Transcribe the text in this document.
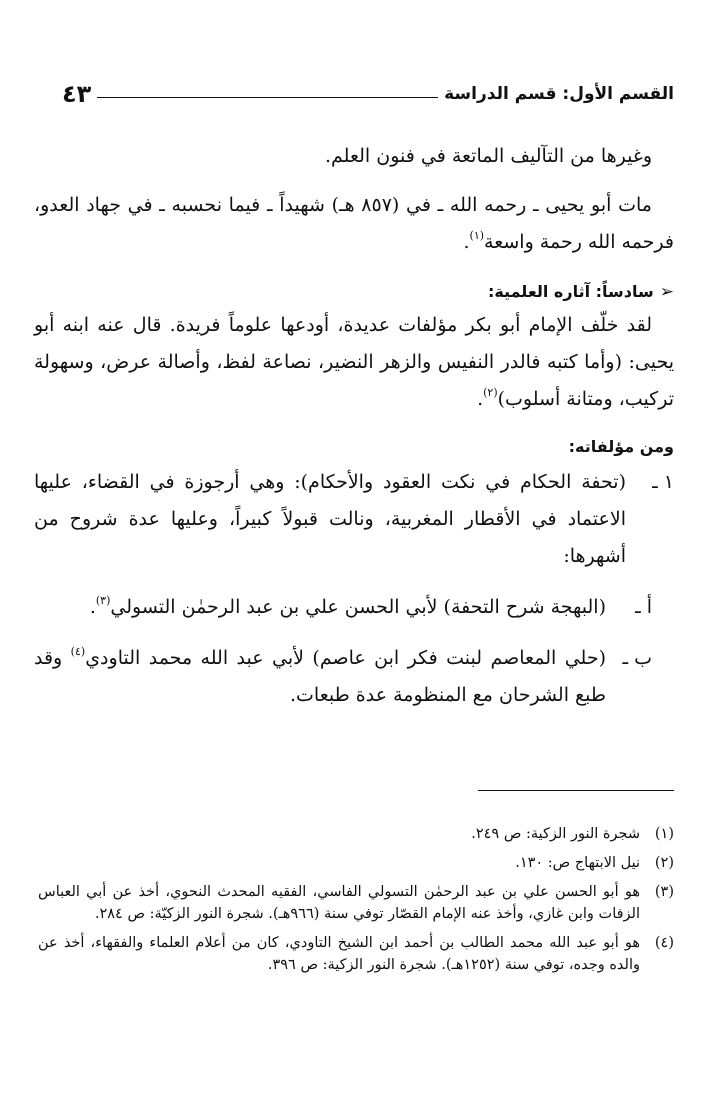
القسم الأول: قسم الدراسة
٤٣

وغيرها من التآليف الماتعة في فنون العلم.

مات أبو يحيى ـ رحمه الله ـ في (٨٥٧ هـ) شهيداً ـ فيما نحسبه ـ في جهاد العدو، فرحمه الله رحمة واسعة$^{(١)}$.

➢
سادساً: آثاره العلمية:

لقد خلّف الإمام أبو بكر مؤلفات عديدة، أودعها علوماً فريدة. قال عنه ابنه أبو يحيى: (وأما كتبه فالدر النفيس والزهر النضير، نصاعة لفظ، وأصالة عرض، وسهولة تركيب، ومتانة أسلوب)$^{(٢)}$.

ومن مؤلفاته:
١ ـ

(تحفة الحكام في نكت العقود والأحكام): وهي أرجوزة في القضاء، عليها الاعتماد في الأقطار المغربية، ونالت قبولاً كبيراً، وعليها عدة شروح من أشهرها:

أ ـ

(البهجة شرح التحفة) لأبي الحسن علي بن عبد الرحمٰن التسولي$^{(٣)}$.

ب ـ

(حلي المعاصم لبنت فكر ابن عاصم) لأبي عبد الله محمد التاودي$^{(٤)}$ وقد طبع الشرحان مع المنظومة عدة طبعات.

(١)
شجرة النور الزكية: ص ٢٤٩.
(٢)
نيل الابتهاج ص: ١٣٠.
(٣)
هو أبو الحسن علي بن عبد الرحمٰن التسولي الفاسي، الفقيه المحدث النحوي، أخذ عن أبي العباس الزفات وابن غازي، وأخذ عنه الإمام القصّار توفي سنة (٩٦٦هـ). شجرة النور الزكيّة: ص ٢٨٤.
(٤)
هو أبو عبد الله محمد الطالب بن أحمد ابن الشيخ التاودي، كان من أعلام العلماء والفقهاء، أخذ عن والده وجده، توفي سنة (١٢٥٢هـ). شجرة النور الزكية: ص ٣٩٦.
